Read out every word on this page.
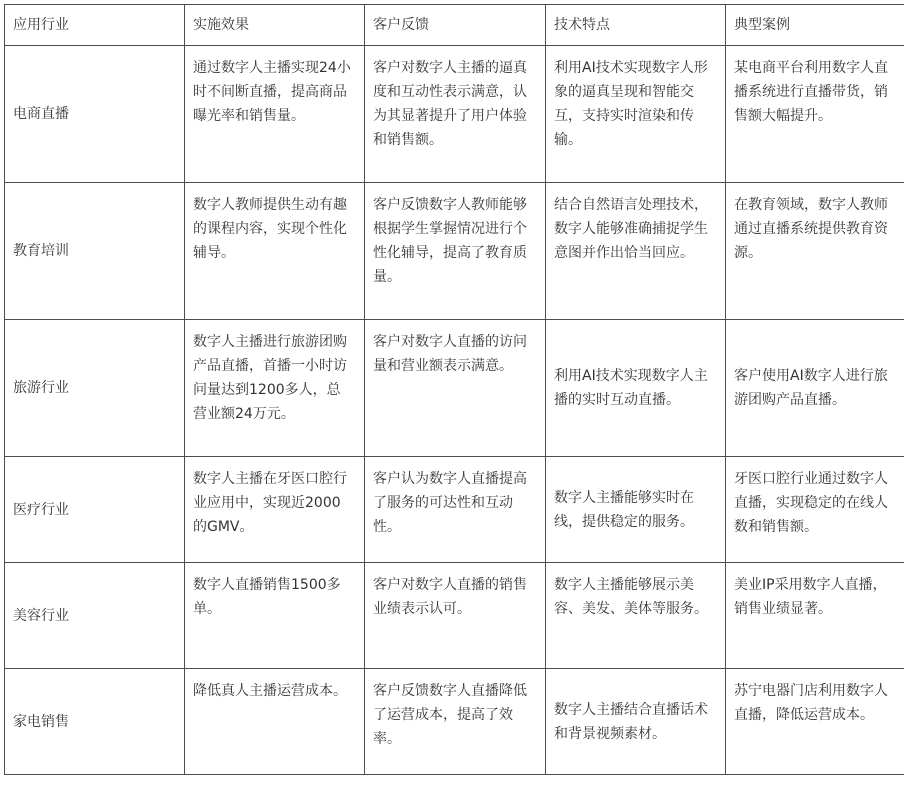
应用行业	实施效果	客户反馈	技术特点	典型案例
电商直播	通过数字人主播实现24小时不间断直播，提高商品曝光率和销售量。	客户对数字人主播的逼真度和互动性表示满意，认为其显著提升了用户体验和销售额。	利用AI技术实现数字人形象的逼真呈现和智能交互，支持实时渲染和传输。	某电商平台利用数字人直播系统进行直播带货，销售额大幅提升。
教育培训	数字人教师提供生动有趣的课程内容，实现个性化辅导。	客户反馈数字人教师能够根据学生掌握情况进行个性化辅导，提高了教育质量。	结合自然语言处理技术，数字人能够准确捕捉学生意图并作出恰当回应。	在教育领域，数字人教师通过直播系统提供教育资源。
旅游行业	数字人主播进行旅游团购产品直播，首播一小时访问量达到1200多人，总营业额24万元。	客户对数字人直播的访问量和营业额表示满意。	利用AI技术实现数字人主播的实时互动直播。	客户使用AI数字人进行旅游团购产品直播。
医疗行业	数字人主播在牙医口腔行业应用中，实现近2000的GMV。	客户认为数字人直播提高了服务的可达性和互动性。	数字人主播能够实时在线，提供稳定的服务。	牙医口腔行业通过数字人直播，实现稳定的在线人数和销售额。
美容行业	数字人直播销售1500多单。	客户对数字人直播的销售业绩表示认可。	数字人主播能够展示美容、美发、美体等服务。	美业IP采用数字人直播，销售业绩显著。
家电销售	降低真人主播运营成本。	客户反馈数字人直播降低了运营成本，提高了效率。	数字人主播结合直播话术和背景视频素材。	苏宁电器门店利用数字人直播，降低运营成本。
